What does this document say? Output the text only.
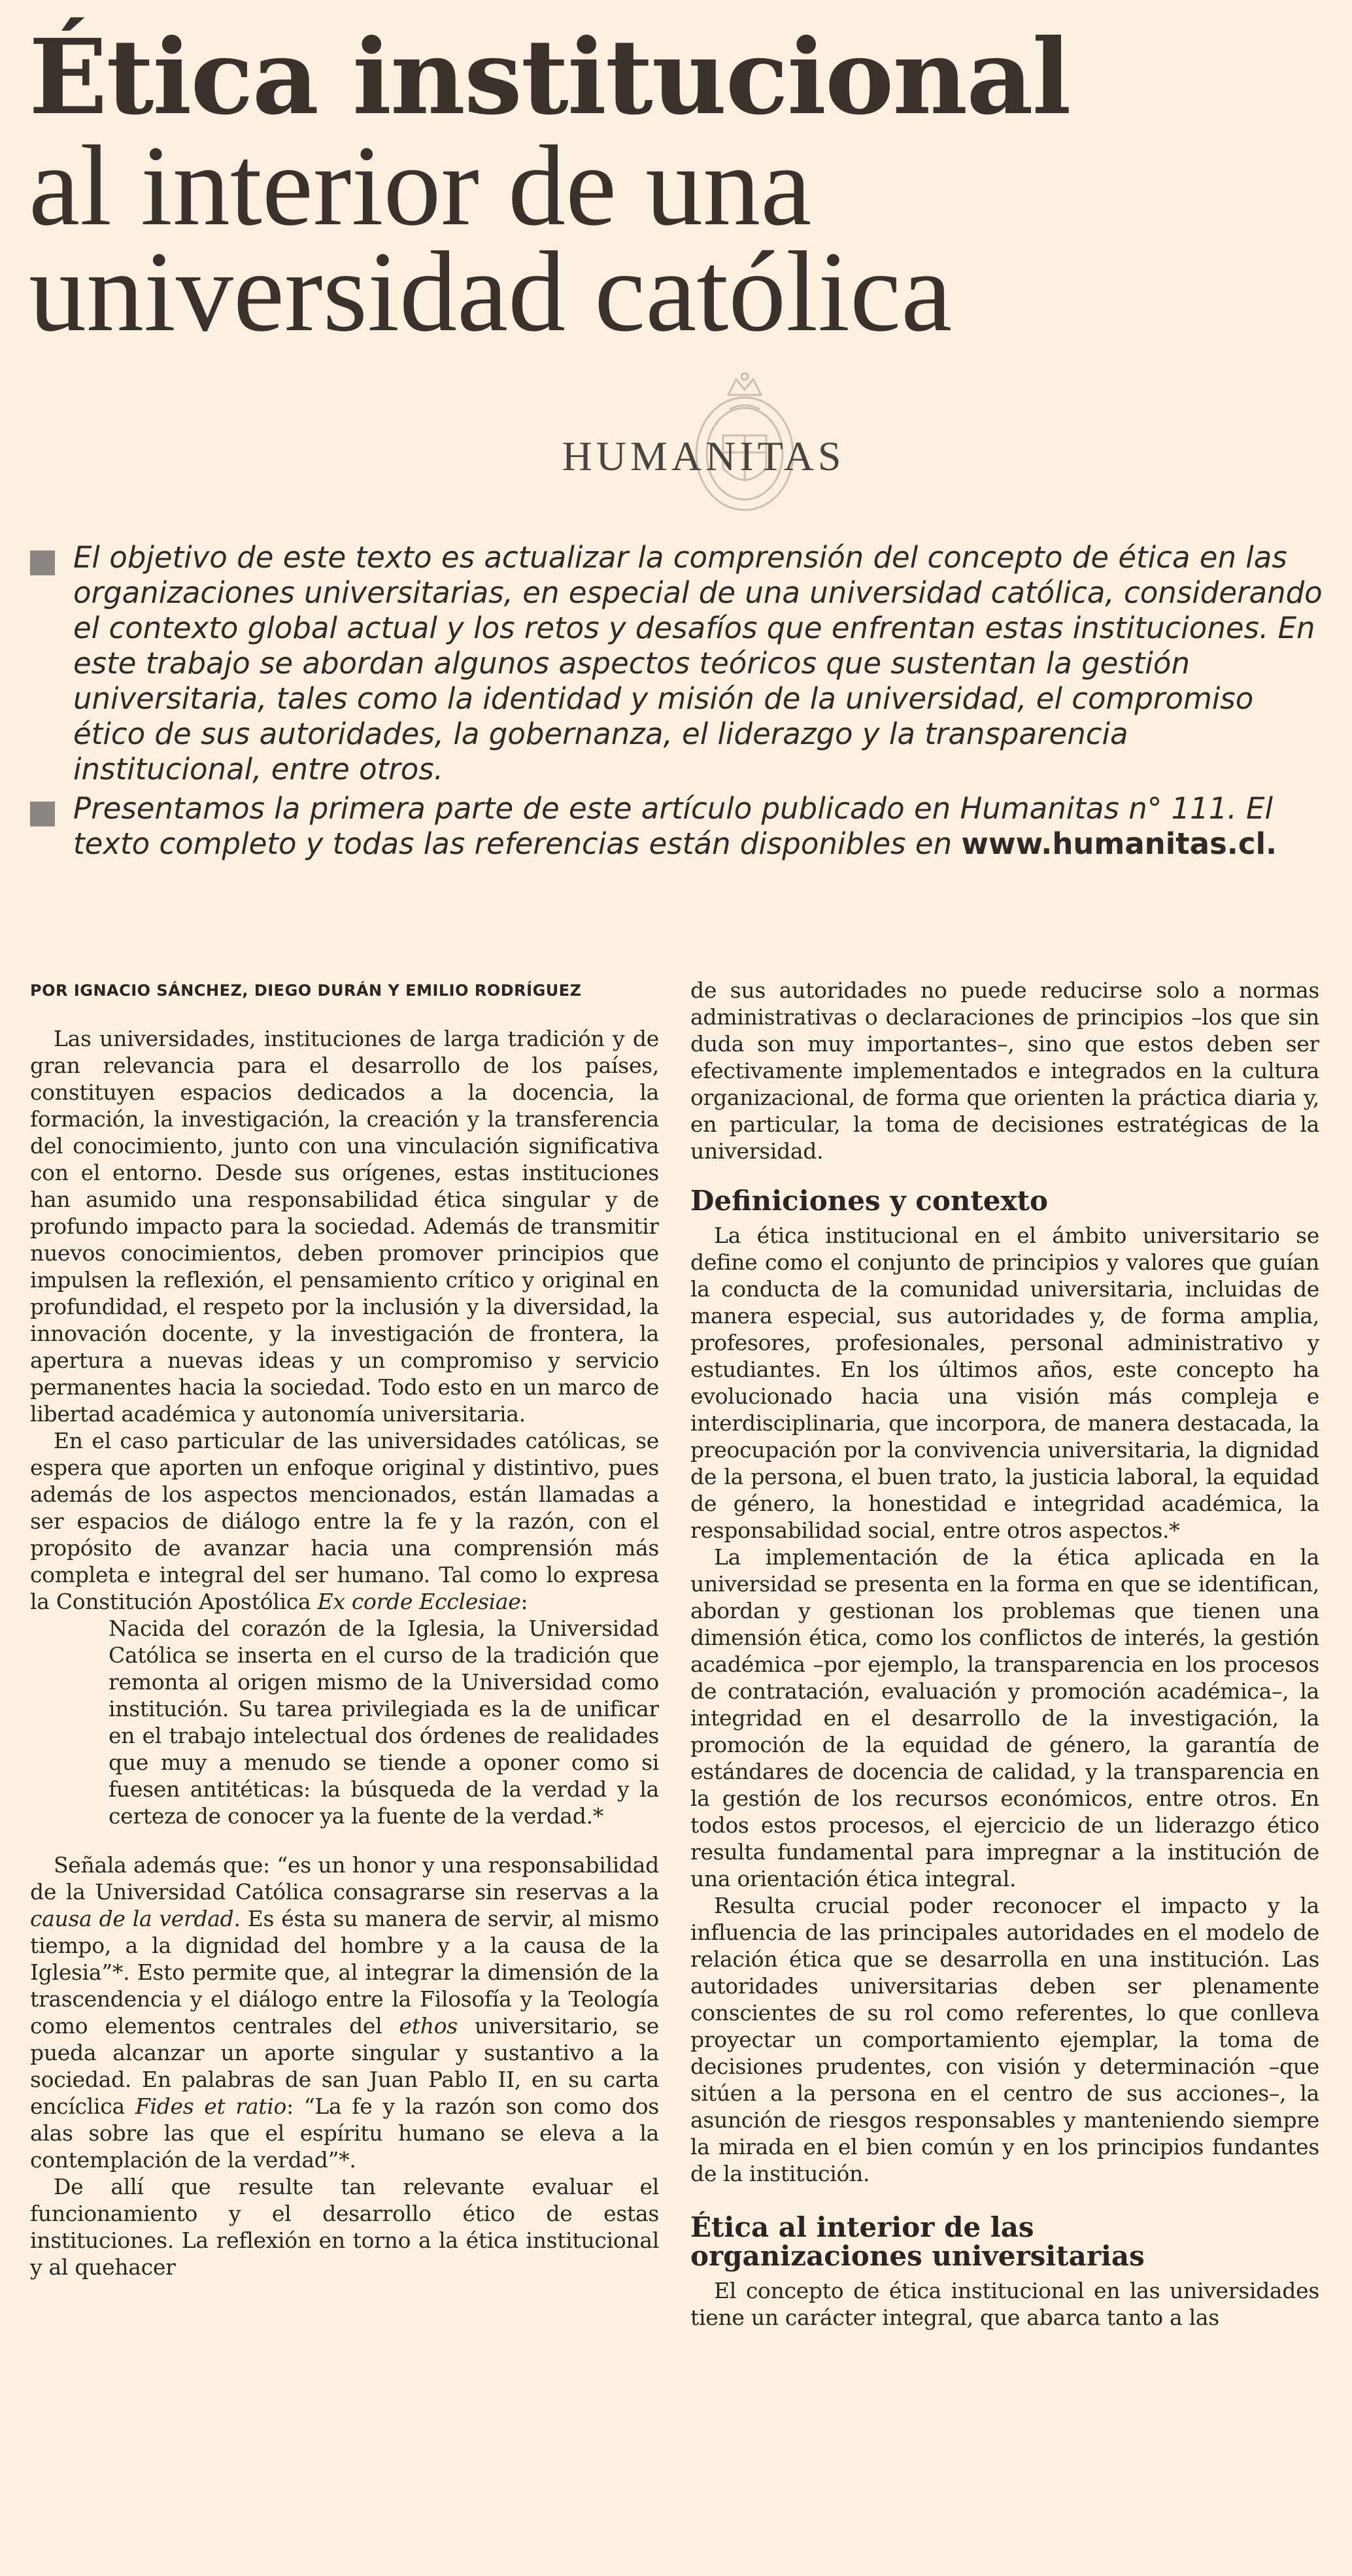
Ética institucional
al interior de una
universidad católica
HUMANITAS

El objetivo de este texto es actualizar la comprensión del concepto de ética en las organizaciones universitarias, en especial de una universidad católica, considerando el contexto global actual y los retos y desafíos que enfrentan estas instituciones. En este trabajo se abordan algunos aspectos teóricos que sustentan la gestión universitaria, tales como la identidad y misión de la universidad, el compromiso ético de sus autoridades, la gobernanza, el liderazgo y la transparencia institucional, entre otros.

Presentamos la primera parte de este artículo publicado en Humanitas n° 111. El texto completo y todas las referencias están disponibles en www.humanitas.cl.

POR IGNACIO SÁNCHEZ, DIEGO DURÁN Y EMILIO RODRÍGUEZ

Las universidades, instituciones de larga tradición y de gran relevancia para el desarrollo de los países, constituyen espacios dedicados a la docencia, la formación, la investigación, la creación y la transferencia del conocimiento, junto con una vinculación significativa con el entorno. Desde sus orígenes, estas instituciones han asumido una responsabilidad ética singular y de profundo impacto para la sociedad. Además de transmitir nuevos conocimientos, deben promover principios que impulsen la reflexión, el pensamiento crítico y original en profundidad, el respeto por la inclusión y la diversidad, la innovación docente, y la investigación de frontera, la apertura a nuevas ideas y un compromiso y servicio permanentes hacia la sociedad. Todo esto en un marco de libertad académica y autonomía universitaria.

En el caso particular de las universidades católicas, se espera que aporten un enfoque original y distintivo, pues además de los aspectos mencionados, están llamadas a ser espacios de diálogo entre la fe y la razón, con el propósito de avanzar hacia una comprensión más completa e integral del ser humano. Tal como lo expresa la Constitución Apostólica Ex corde Ecclesiae:

Nacida del corazón de la Iglesia, la Universidad Católica se inserta en el curso de la tradición que remonta al origen mismo de la Universidad como institución. Su tarea privilegiada es la de unificar en el trabajo intelectual dos órdenes de realidades que muy a menudo se tiende a oponer como si fuesen antitéticas: la búsqueda de la verdad y la certeza de conocer ya la fuente de la verdad.*

Señala además que: “es un honor y una responsabilidad de la Universidad Católica consagrarse sin reservas a la causa de la verdad. Es ésta su manera de servir, al mismo tiempo, a la dignidad del hombre y a la causa de la Iglesia”*. Esto permite que, al integrar la dimensión de la trascendencia y el diálogo entre la Filosofía y la Teología como elementos centrales del ethos universitario, se pueda alcanzar un aporte singular y sustantivo a la sociedad. En palabras de san Juan Pablo II, en su carta encíclica Fides et ratio: “La fe y la razón son como dos alas sobre las que el espíritu humano se eleva a la contemplación de la verdad”*.

De allí que resulte tan relevante evaluar el funcionamiento y el desarrollo ético de estas instituciones. La reflexión en torno a la ética institucional y al quehacer

de sus autoridades no puede reducirse solo a normas administrativas o declaraciones de principios –los que sin duda son muy importantes–, sino que estos deben ser efectivamente implementados e integrados en la cultura organizacional, de forma que orienten la práctica diaria y, en particular, la toma de decisiones estratégicas de la universidad.

Definiciones y contexto

La ética institucional en el ámbito universitario se define como el conjunto de principios y valores que guían la conducta de la comunidad universitaria, incluidas de manera especial, sus autoridades y, de forma amplia, profesores, profesionales, personal administrativo y estudiantes. En los últimos años, este concepto ha evolucionado hacia una visión más compleja e interdisciplinaria, que incorpora, de manera destacada, la preocupación por la convivencia universitaria, la dignidad de la persona, el buen trato, la justicia laboral, la equidad de género, la honestidad e integridad académica, la responsabilidad social, entre otros aspectos.*

La implementación de la ética aplicada en la universidad se presenta en la forma en que se identifican, abordan y gestionan los problemas que tienen una dimensión ética, como los conflictos de interés, la gestión académica –por ejemplo, la transparencia en los procesos de contratación, evaluación y promoción académica–, la integridad en el desarrollo de la investigación, la promoción de la equidad de género, la garantía de estándares de docencia de calidad, y la transparencia en la gestión de los recursos económicos, entre otros. En todos estos procesos, el ejercicio de un liderazgo ético resulta fundamental para impregnar a la institución de una orientación ética integral.

Resulta crucial poder reconocer el impacto y la influencia de las principales autoridades en el modelo de relación ética que se desarrolla en una institución. Las autoridades universitarias deben ser plenamente conscientes de su rol como referentes, lo que conlleva proyectar un comportamiento ejemplar, la toma de decisiones prudentes, con visión y determinación –que sitúen a la persona en el centro de sus acciones–, la asunción de riesgos responsables y manteniendo siempre la mirada en el bien común y en los principios fundantes de la institución.

Ética al interior de las
organizaciones universitarias

El concepto de ética institucional en las universidades tiene un carácter integral, que abarca tanto a las
